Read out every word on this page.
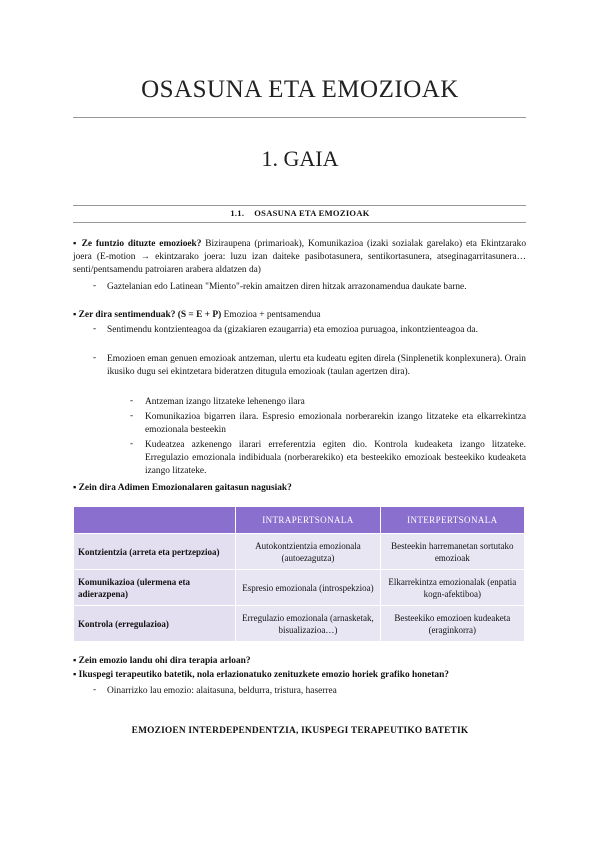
OSASUNA ETA EMOZIOAK
1. GAIA
1.1. OSASUNA ETA EMOZIOAK
▪ Ze funtzio dituzte emozioek? Biziraupena (primarioak), Komunikazioa (izaki sozialak garelako) eta Ekintzarako joera (E-motion → ekintzarako joera: luzu izan daiteke pasibotasunera, sentikortasunera, atseginagarritasunera… senti/pentsamendu patroiaren arabera aldatzen da)
- Gaztelanian edo Latinean "Miento"-rekin amaitzen diren hitzak arrazonamendua daukate barne.
▪ Zer dira sentimenduak? (S = E + P) Emozioa + pentsamendua
- Sentimendu kontzienteagoa da (gizakiaren ezaugarria) eta emozioa puruagoa, inkontzienteagoa da.
- Emozioen eman genuen emozioak antzeman, ulertu eta kudeatu egiten direla (Sinplenetik konplexunera). Orain ikusiko dugu sei ekintzetara bideratzen ditugula emozioak (taulan agertzen dira).
- Antzeman izango litzateke lehenengo ilara
- Komunikazioa bigarren ilara. Espresio emozionala norberarekin izango litzateke eta elkarrekintza emozionala besteekin
- Kudeatzea azkenengo ilarari erreferentzia egiten dio. Kontrola kudeaketa izango litzateke. Erregulazio emozionala indibiduala (norberarekiko) eta besteekiko emozioak besteekiko kudeaketa izango litzateke.
▪ Zein dira Adimen Emozionalaren gaitasun nagusiak?
	INTRAPERTSONALA	INTERPERTSONALA
Kontzientzia (arreta eta pertzepzioa)	Autokontzientzia emozionala (autoezagutza)	Besteekin harremanetan sortutako emozioak
Komunikazioa (ulermena eta adierazpena)	Espresio emozionala (introspekzioa)	Elkarrekintza emozionalak (enpatia kogn-afektiboa)
Kontrola (erregulazioa)	Erregulazio emozionala (arnasketak, bisualizazioa…)	Besteekiko emozioen kudeaketa (eraginkorra)
▪ Zein emozio landu ohi dira terapia arloan?
▪ Ikuspegi terapeutiko batetik, nola erlazionatuko zenituzkete emozio horiek grafiko honetan?
- Oinarrizko lau emozio: alaitasuna, beldurra, tristura, haserrea
EMOZIOEN INTERDEPENDENTZIA, IKUSPEGI TERAPEUTIKO BATETIK
